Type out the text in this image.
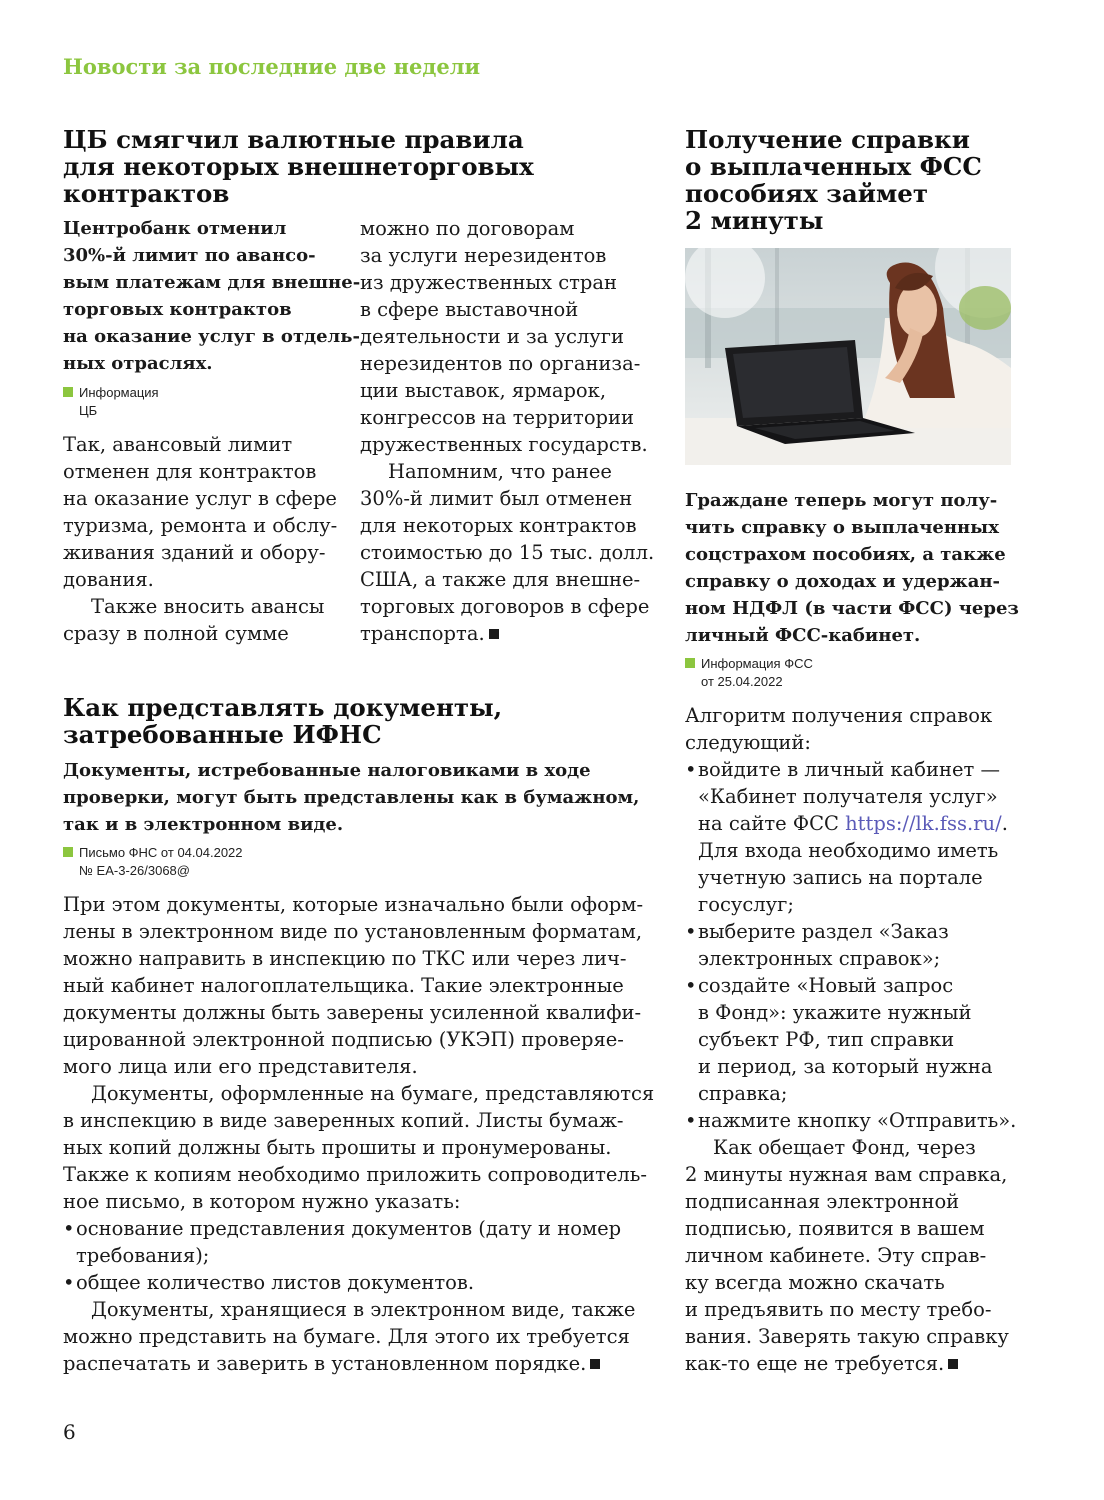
Новости за последние две недели
ЦБ смягчил валютные правила
для некоторых внешнеторговых
контрактов
Центробанк отменил
30%-й лимит по авансо-
вым платежам для внешне-
торговых контрактов
на оказание услуг в отдель-
ных отраслях.
Информация
ЦБ

Так, авансовый лимит
отменен для контрактов
на оказание услуг в сфере
туризма, ремонта и обслу-
живания зданий и обору-
дования.

Также вносить авансы
сразу в полной сумме

можно по договорам
за услуги нерезидентов
из дружественных стран
в сфере выставочной
деятельности и за услуги
нерезидентов по организа-
ции выставок, ярмарок,
конгрессов на территории
дружественных государств.

Напомним, что ранее
30%-й лимит был отменен
для некоторых контрактов
стоимостью до 15 тыс. долл.
США, а также для внешне-
торговых договоров в сфере
транспорта.

Как представлять документы,
затребованные ИФНС
Документы, истребованные налоговиками в ходе
проверки, могут быть представлены как в бумажном,
так и в электронном виде.
Письмо ФНС от 04.04.2022
№ ЕА-3-26/3068@

При этом документы, которые изначально были оформ-
лены в электронном виде по установленным форматам,
можно направить в инспекцию по ТКС или через лич-
ный кабинет налогоплательщика. Такие электронные
документы должны быть заверены усиленной квалифи-
цированной электронной подписью (УКЭП) проверяе-
мого лица или его представителя.

Документы, оформленные на бумаге, представляются
в инспекцию в виде заверенных копий. Листы бумаж-
ных копий должны быть прошиты и пронумерованы.
Также к копиям необходимо приложить сопроводитель-
ное письмо, в котором нужно указать:

• основание представления документов (дату и номер
требования);
• общее количество листов документов.

Документы, хранящиеся в электронном виде, также
можно представить на бумаге. Для этого их требуется
распечатать и заверить в установленном порядке.

Получение справки
о выплаченных ФСС
пособиях займет
2 минуты
Граждане теперь могут полу-
чить справку о выплаченных
соцстрахом пособиях, а также
справку о доходах и удержан-
ном НДФЛ (в части ФСС) через
личный ФСС-кабинет.
Информация ФСС
от 25.04.2022

Алгоритм получения справок
следующий:

• войдите в личный кабинет —
«Кабинет получателя услуг»
на сайте ФСС https://lk.fss.ru/.
Для входа необходимо иметь
учетную запись на портале
госуслуг;
• выберите раздел «Заказ
электронных справок»;
• создайте «Новый запрос
в Фонд»: укажите нужный
субъект РФ, тип справки
и период, за который нужна
справка;
• нажмите кнопку «Отправить».

Как обещает Фонд, через
2 минуты нужная вам справка,
подписанная электронной
подписью, появится в вашем
личном кабинете. Эту справ-
ку всегда можно скачать
и предъявить по месту требо-
вания. Заверять такую справку
как-то еще не требуется.

6
